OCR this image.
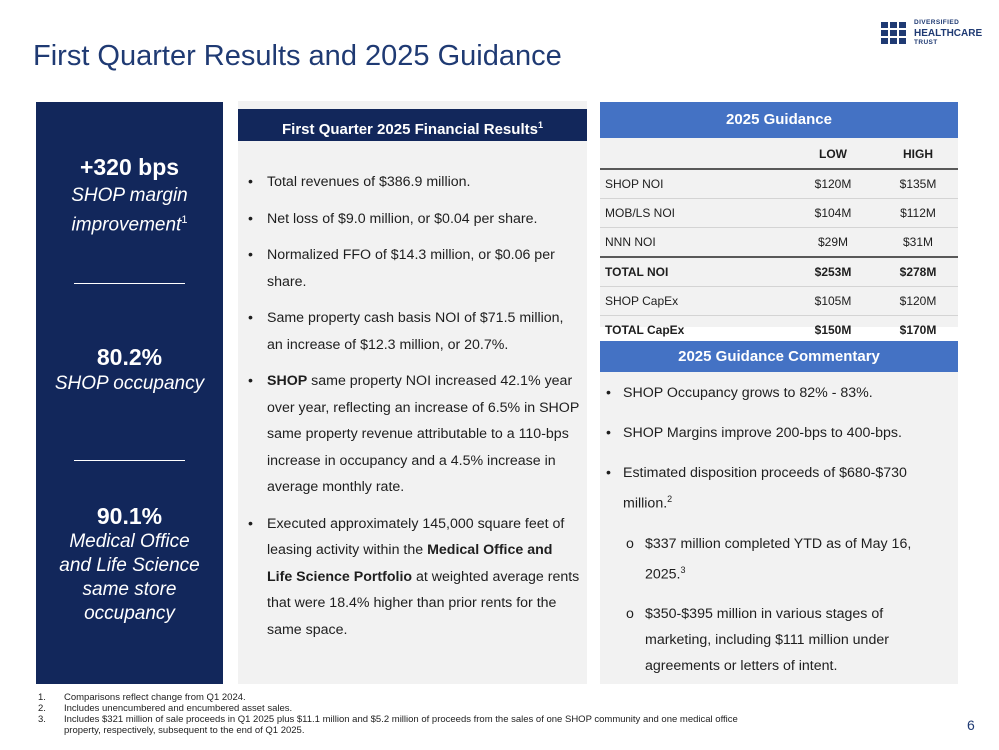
First Quarter Results and 2025 Guidance
DIVERSIFIED
HEALTHCARE
TRUST
+320 bps
SHOP margin improvement$^1$
80.2%
SHOP occupancy
90.1%
Medical Office and Life Science same store occupancy
First Quarter 2025 Financial Results$^1$
• Total revenues of $386.9 million.
• Net loss of $9.0 million, or $0.04 per share.
• Normalized FFO of $14.3 million, or $0.06 per share.
• Same property cash basis NOI of $71.5 million, an increase of $12.3 million, or 20.7%.
• SHOP same property NOI increased 42.1% year over year, reflecting an increase of 6.5% in SHOP same property revenue attributable to a 110-bps increase in occupancy and a 4.5% increase in average monthly rate.
• Executed approximately 145,000 square feet of leasing activity within the Medical Office and Life Science Portfolio at weighted average rents that were 18.4% higher than prior rents for the same space.
2025 Guidance
	LOW	HIGH
SHOP NOI	$120M	$135M
MOB/LS NOI	$104M	$112M
NNN NOI	$29M	$31M
TOTAL NOI	$253M	$278M
SHOP CapEx	$105M	$120M
TOTAL CapEx	$150M	$170M
2025 Guidance Commentary
• SHOP Occupancy grows to 82% - 83%.
• SHOP Margins improve 200-bps to 400-bps.
• Estimated disposition proceeds of $680-$730 million.$^2$
o $337 million completed YTD as of May 16, 2025.$^3$
o $350-$395 million in various stages of marketing, including $111 million under agreements or letters of intent.
1. Comparisons reflect change from Q1 2024.
2. Includes unencumbered and encumbered asset sales.
3. Includes $321 million of sale proceeds in Q1 2025 plus $11.1 million and $5.2 million of proceeds from the sales of one SHOP community and one medical office property, respectively, subsequent to the end of Q1 2025.	6
